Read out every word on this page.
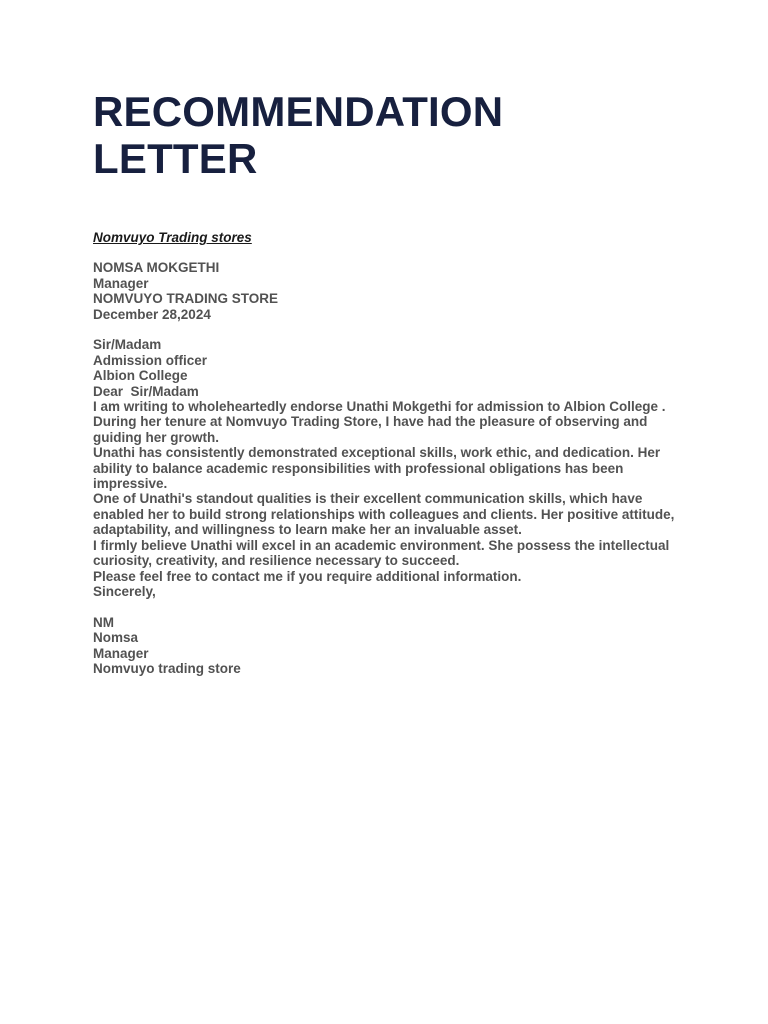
RECOMMENDATION
LETTER
Nomvuyo Trading stores
NOMSA MOKGETHI
Manager
NOMVUYO TRADING STORE
December 28,2024
Sir/Madam
Admission officer
Albion College

Dear  Sir/Madam

I am writing to wholeheartedly endorse Unathi Mokgethi for admission to Albion College . During her tenure at Nomvuyo Trading Store, I have had the pleasure of observing and guiding her growth.

Unathi has consistently demonstrated exceptional skills, work ethic, and dedication. Her ability to balance academic responsibilities with professional obligations has been impressive.

One of Unathi's standout qualities is their excellent communication skills, which have enabled her to build strong relationships with colleagues and clients. Her positive attitude, adaptability, and willingness to learn make her an invaluable asset.

I firmly believe Unathi will excel in an academic environment. She possess the intellectual curiosity, creativity, and resilience necessary to succeed.

Please feel free to contact me if you require additional information.

Sincerely,

NM
Nomsa
Manager
Nomvuyo trading store
